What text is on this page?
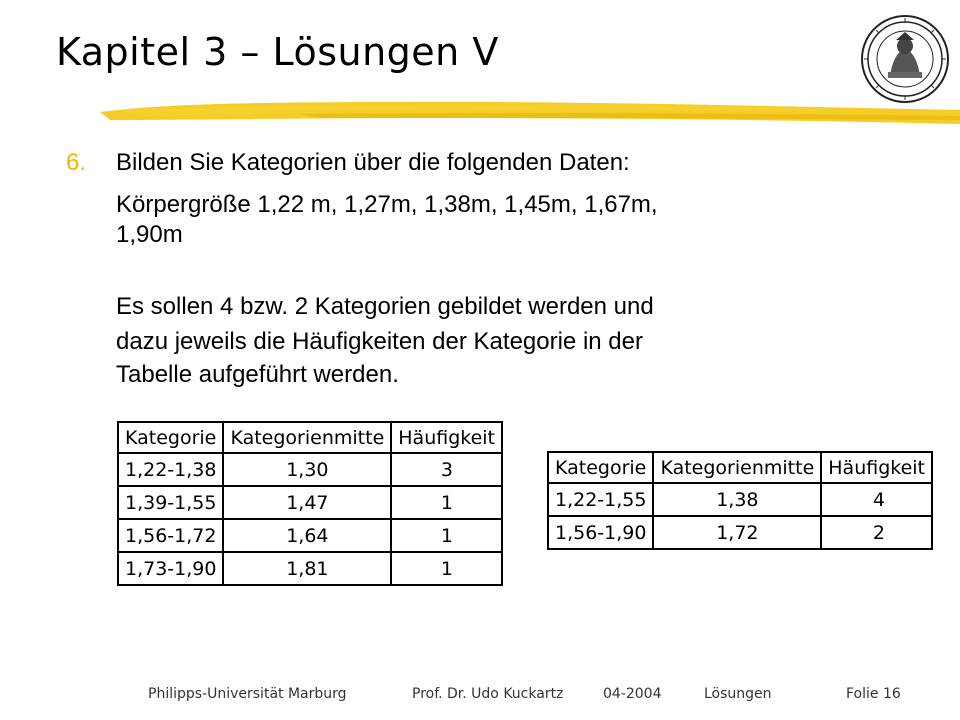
Kapitel 3 – Lösungen V
6. Bilden Sie Kategorien über die folgenden Daten:
Körpergröße 1,22 m, 1,27m, 1,38m, 1,45m, 1,67m,
1,90m
Es sollen 4 bzw. 2 Kategorien gebildet werden und
dazu jeweils die Häufigkeiten der Kategorie in der
Tabelle aufgeführt werden.
Kategorie	Kategorienmitte	Häufigkeit
1,22-1,38	1,30	3
1,39-1,55	1,47	1
1,56-1,72	1,64	1
1,73-1,90	1,81	1
Kategorie	Kategorienmitte	Häufigkeit
1,22-1,55	1,38	4
1,56-1,90	1,72	2
Philipps-Universität Marburg	Prof. Dr. Udo Kuckartz	04-2004	Lösungen	Folie 16
